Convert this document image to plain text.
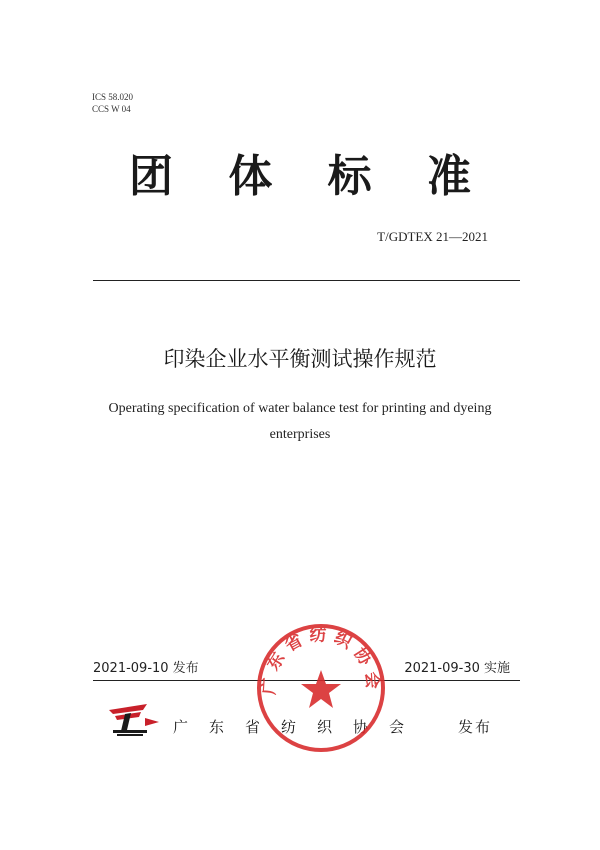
ICS 58.020
CCS W 04
团 体 标 准
T/GDTEX 21—2021
印染企业水平衡测试操作规范
Operating specification of water balance test for printing and dyeing
enterprises
2021-09-10 发布	2021-09-30 实施
广东省纺织协会 发布
广东省纺织协会
